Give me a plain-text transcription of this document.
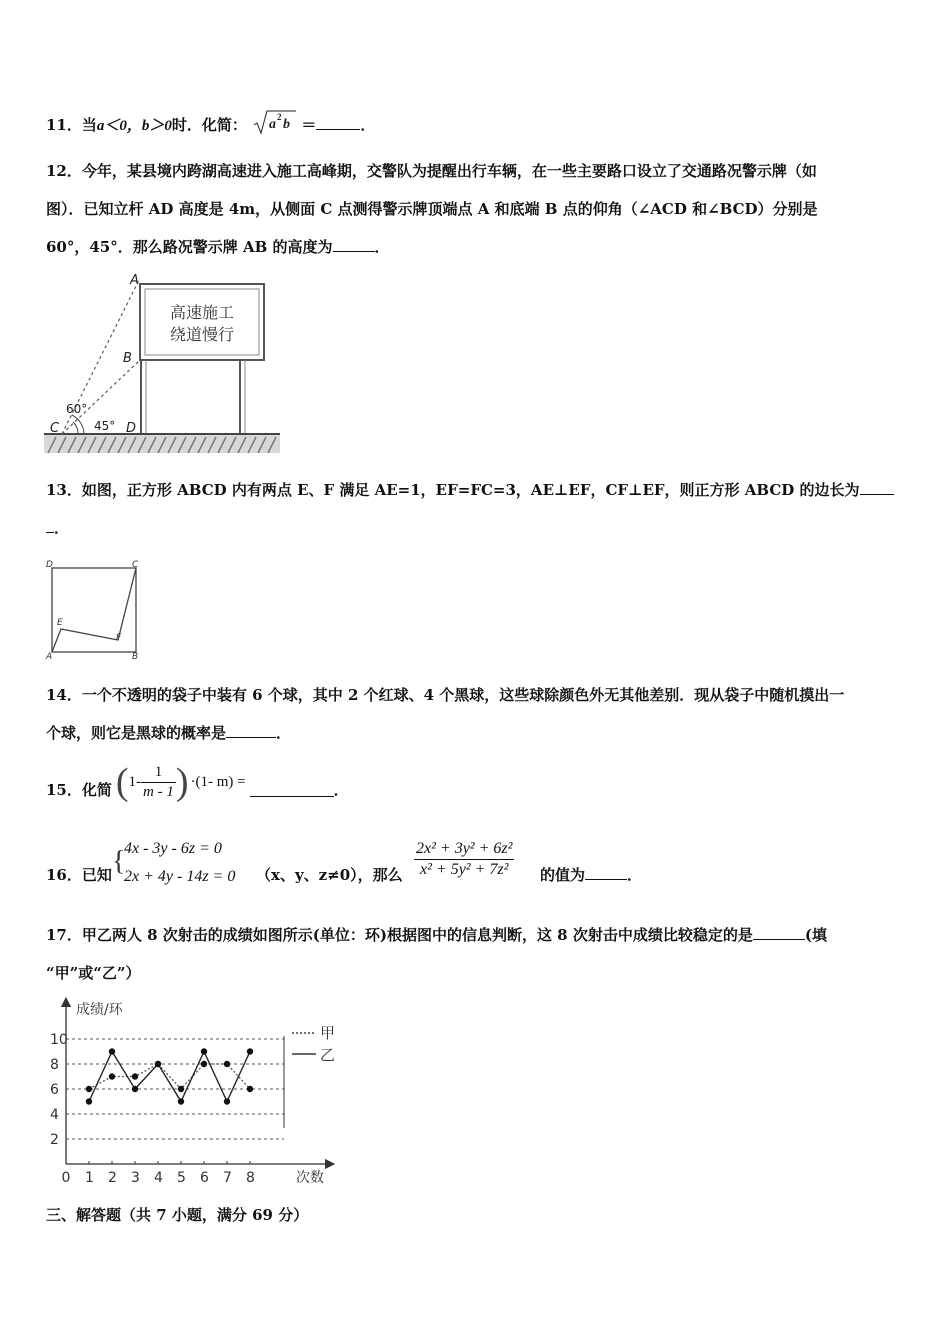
11．当a＜0，b＞0时．化简： a 2 b ＝	．
12．今年，某县境内跨湖高速进入施工高峰期，交警队为提醒出行车辆，在一些主要路口设立了交通路况警示牌（如
图）．已知立杆 AD 高度是 4m，从侧面 C 点测得警示牌顶端点 A 和底端 B 点的仰角（∠ACD 和∠BCD）分别是
60°，45°．那么路况警示牌 AB 的高度为	．
高速施工
绕道慢行
A
B
C	D
60°
45°
13．如图，正方形 ABCD 内有两点 E、F 满足 AE=1，EF=FC=3，AE⊥EF，CF⊥EF，则正方形 ABCD 的边长为
．
A	B
C
D
E
F
14．一个不透明的袋子中装有 6 个球，其中 2 个红球、4 个黑球，这些球除颜色外无其他差别．现从袋子中随机摸出一
个球，则它是黑球的概率是	．
15．化简 ( $1- \frac{1}{m - 1}$ ) ·(1- m) =	．
16．已知 {
4x - 3y - 6z = 0
2x + 4y - 14z = 0 （x、y、z≠0），那么 $\frac{\text{2x² + 3y² + 6z²}}{\text{x² + 5y² + 7z²}}$ 的值为	．
17．甲乙两人 8 次射击的成绩如图所示(单位：环)根据图中的信息判断，这 8 次射击中成绩比较稳定的是	(填
“甲”或“乙”）
成绩/环
次数
2
4
6
8
10
0 1 2 3 4 5 6 7 8
甲
乙
三、解答题（共 7 小题，满分 69 分）
